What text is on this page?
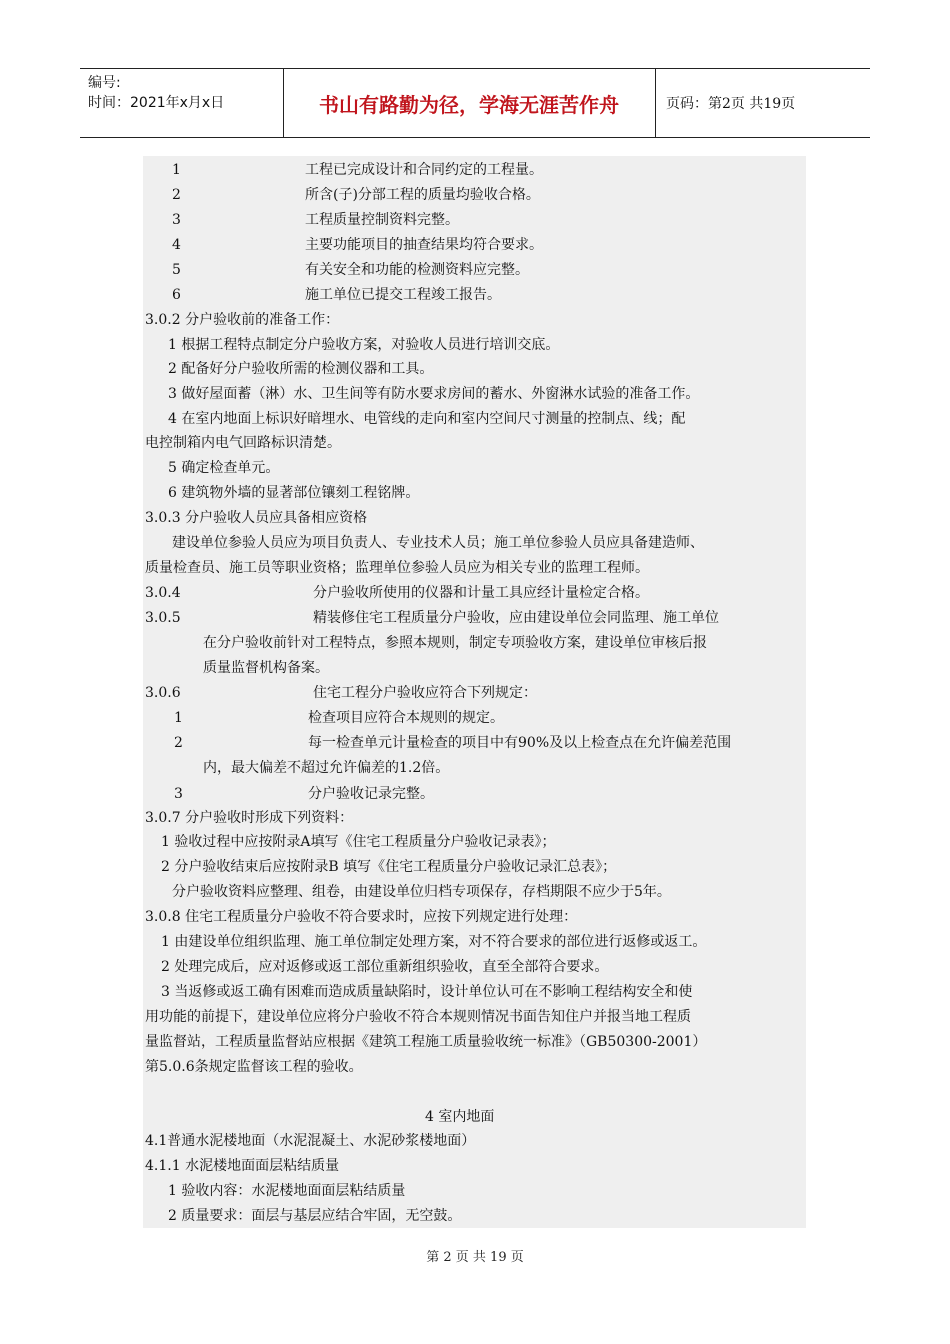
编号:
时间：2021年x月x日	书山有路勤为径，学海无涯苦作舟	页码：第2页 共19页
1	工程已完成设计和合同约定的工程量。
2	所含(子)分部工程的质量均验收合格。
3	工程质量控制资料完整。
4	主要功能项目的抽查结果均符合要求。
5	有关安全和功能的检测资料应完整。
6	施工单位已提交工程竣工报告。
3.0.2 分户验收前的准备工作：
1 根据工程特点制定分户验收方案，对验收人员进行培训交底。
2 配备好分户验收所需的检测仪器和工具。
3 做好屋面蓄（淋）水、卫生间等有防水要求房间的蓄水、外窗淋水试验的准备工作。
4 在室内地面上标识好暗埋水、电管线的走向和室内空间尺寸测量的控制点、线；配
电控制箱内电气回路标识清楚。
5 确定检查单元。
6 建筑物外墙的显著部位镶刻工程铭牌。
3.0.3 分户验收人员应具备相应资格
建设单位参验人员应为项目负责人、专业技术人员；施工单位参验人员应具备建造师、
质量检查员、施工员等职业资格；监理单位参验人员应为相关专业的监理工程师。
3.0.4	分户验收所使用的仪器和计量工具应经计量检定合格。
3.0.5	精装修住宅工程质量分户验收，应由建设单位会同监理、施工单位
在分户验收前针对工程特点，参照本规则，制定专项验收方案，建设单位审核后报
质量监督机构备案。
3.0.6	住宅工程分户验收应符合下列规定：
1	检查项目应符合本规则的规定。
2	每一检查单元计量检查的项目中有90%及以上检查点在允许偏差范围
内，最大偏差不超过允许偏差的1.2倍。
3	分户验收记录完整。
3.0.7 分户验收时形成下列资料：
1 验收过程中应按附录A填写《住宅工程质量分户验收记录表》；
2 分户验收结束后应按附录B 填写《住宅工程质量分户验收记录汇总表》；
分户验收资料应整理、组卷，由建设单位归档专项保存，存档期限不应少于5年。
3.0.8 住宅工程质量分户验收不符合要求时，应按下列规定进行处理：
1 由建设单位组织监理、施工单位制定处理方案，对不符合要求的部位进行返修或返工。
2 处理完成后，应对返修或返工部位重新组织验收，直至全部符合要求。
3 当返修或返工确有困难而造成质量缺陷时，设计单位认可在不影响工程结构安全和使
用功能的前提下，建设单位应将分户验收不符合本规则情况书面告知住户并报当地工程质
量监督站，工程质量监督站应根据《建筑工程施工质量验收统一标准》（GB50300-2001）
第5.0.6条规定监督该工程的验收。
4 室内地面
4.1普通水泥楼地面（水泥混凝土、水泥砂浆楼地面）
4.1.1 水泥楼地面面层粘结质量
1 验收内容：水泥楼地面面层粘结质量
2 质量要求：面层与基层应结合牢固，无空鼓。
第 2 页 共 19 页
